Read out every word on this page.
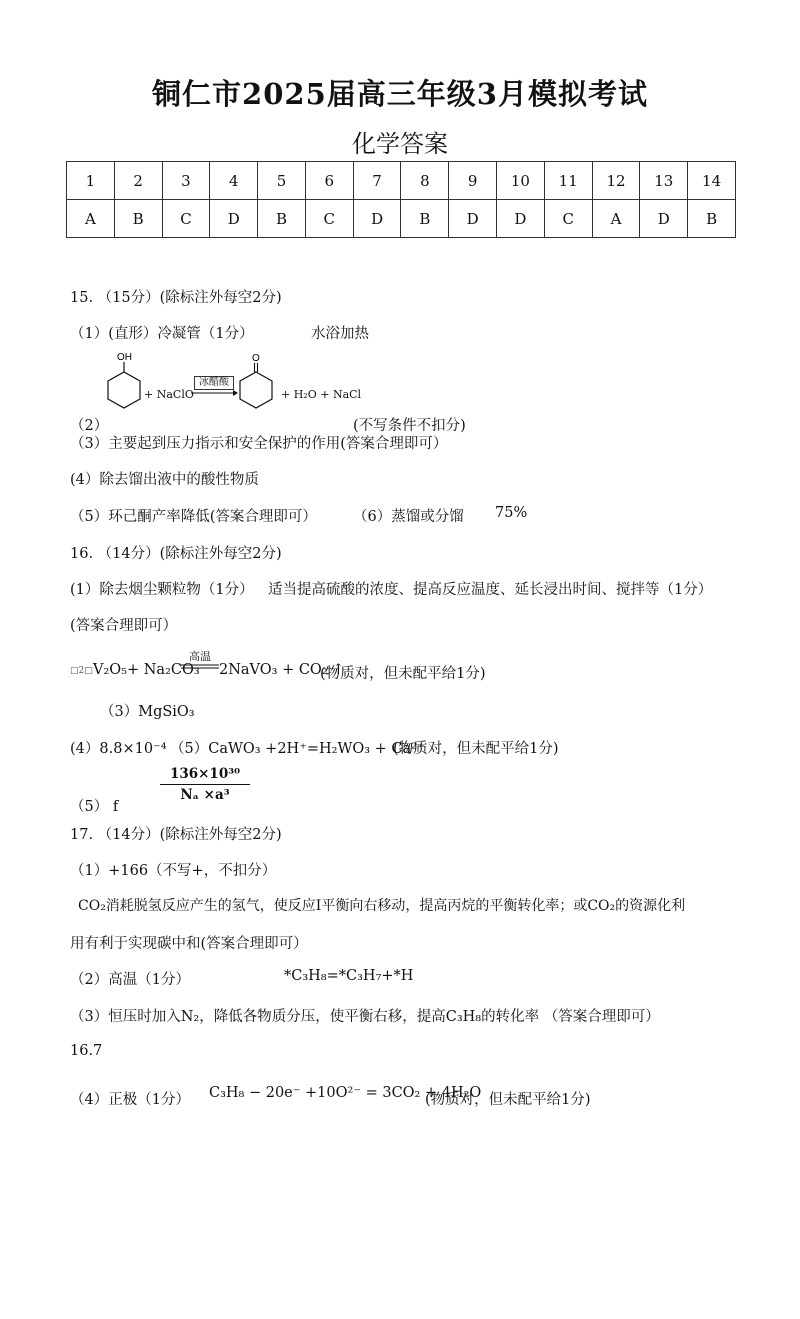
铜仁市2025届高三年级3月模拟考试
化学答案
1	2	3	4	5	6	7	8	9	10	11	12	13	14
A	B	C	D	B	C	D	B	D	D	C	A	D	B
15. （15分）(除标注外每空2分)
（1）(直形）冷凝管（1分）	水浴加热
OH
+ NaClO
冰醋酸
O
+ H₂O + NaCl
（2）	(不写条件不扣分)
（3）主要起到压力指示和安全保护的作用(答案合理即可）
(4）除去馏出液中的酸性物质
（5）环己酮产率降低(答案合理即可） （6）蒸馏或分馏 75%
16. （14分）(除标注外每空2分)
(1）除去烟尘颗粒物（1分） 适当提高硫酸的浓度、提高反应温度、延长浸出时间、搅拌等（1分）
(答案合理即可）
□2□ V₂O₅+ Na₂CO₃
高温
2NaVO₃ + CO₂ ↑
(物质对，但未配平给1分)
（3）MgSiO₃
(4）8.8×10⁻⁴ （5）CaWO₃ +2H⁺=H₂WO₃ + Ca²⁺
(物质对，但未配平给1分)
$\frac{\text{136×10³⁰}}{\text{Nₐ ×a³}}$
（5） f
17. （14分）(除标注外每空2分)
（1）+166（不写+，不扣分）
CO₂消耗脱氢反应产生的氢气，使反应Ⅰ平衡向右移动，提高丙烷的平衡转化率；或CO₂的资源化利
用有利于实现碳中和(答案合理即可）
（2）高温（1分）	*C₃H₈=*C₃H₇+*H
（3）恒压时加入N₂，降低各物质分压，使平衡右移，提高C₃H₈的转化率 （答案合理即可）
16.7
（4）正极（1分） C₃H₈ − 20e⁻ +10O²⁻ = 3CO₂ + 4H₂O
(物质对，但未配平给1分)
